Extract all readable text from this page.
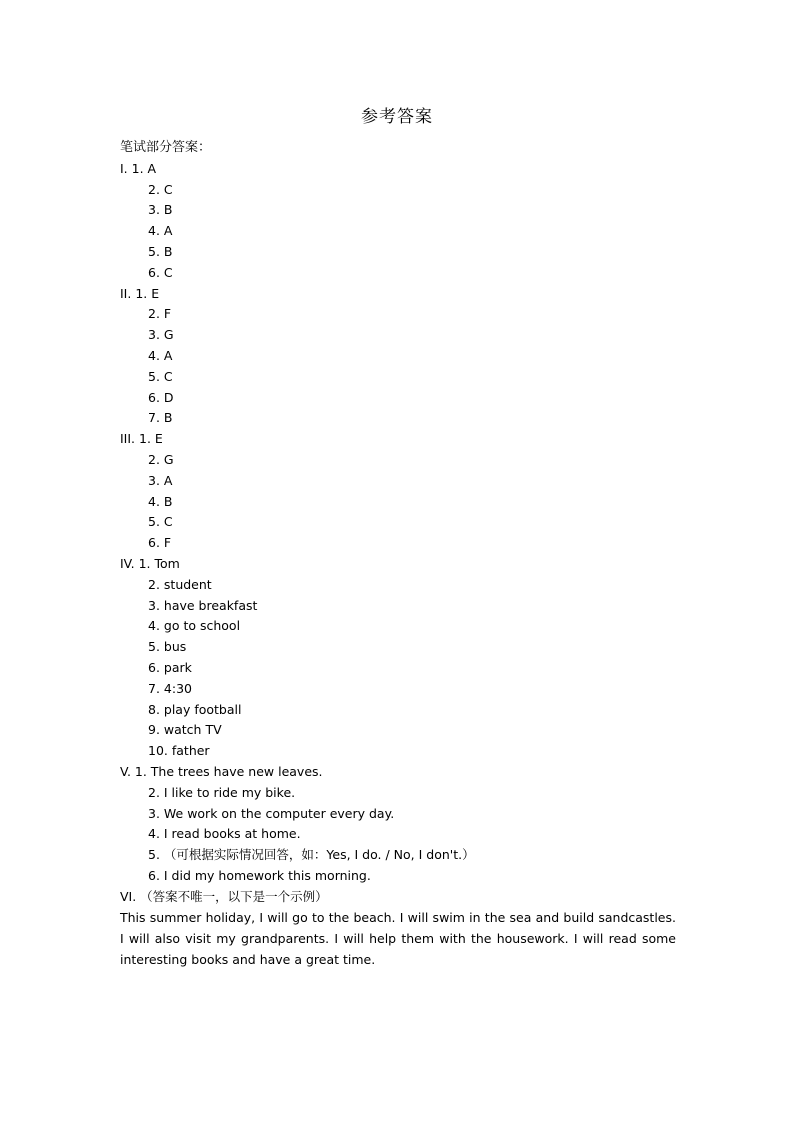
参考答案
笔试部分答案：
I. 1. A
2. C
3. B
4. A
5. B
6. C
II. 1. E
2. F
3. G
4. A
5. C
6. D
7. B
III. 1. E
2. G
3. A
4. B
5. C
6. F
IV. 1. Tom
2. student
3. have breakfast
4. go to school
5. bus
6. park
7. 4:30
8. play football
9. watch TV
10. father
V. 1. The trees have new leaves.
2. I like to ride my bike.
3. We work on the computer every day.
4. I read books at home.
5. （可根据实际情况回答，如：Yes, I do. / No, I don't.）
6. I did my homework this morning.
VI. （答案不唯一，以下是一个示例）
This summer holiday, I will go to the beach. I will swim in the sea and build sandcastles. I will also visit my grandparents. I will help them with the housework. I will read some interesting books and have a great time.
